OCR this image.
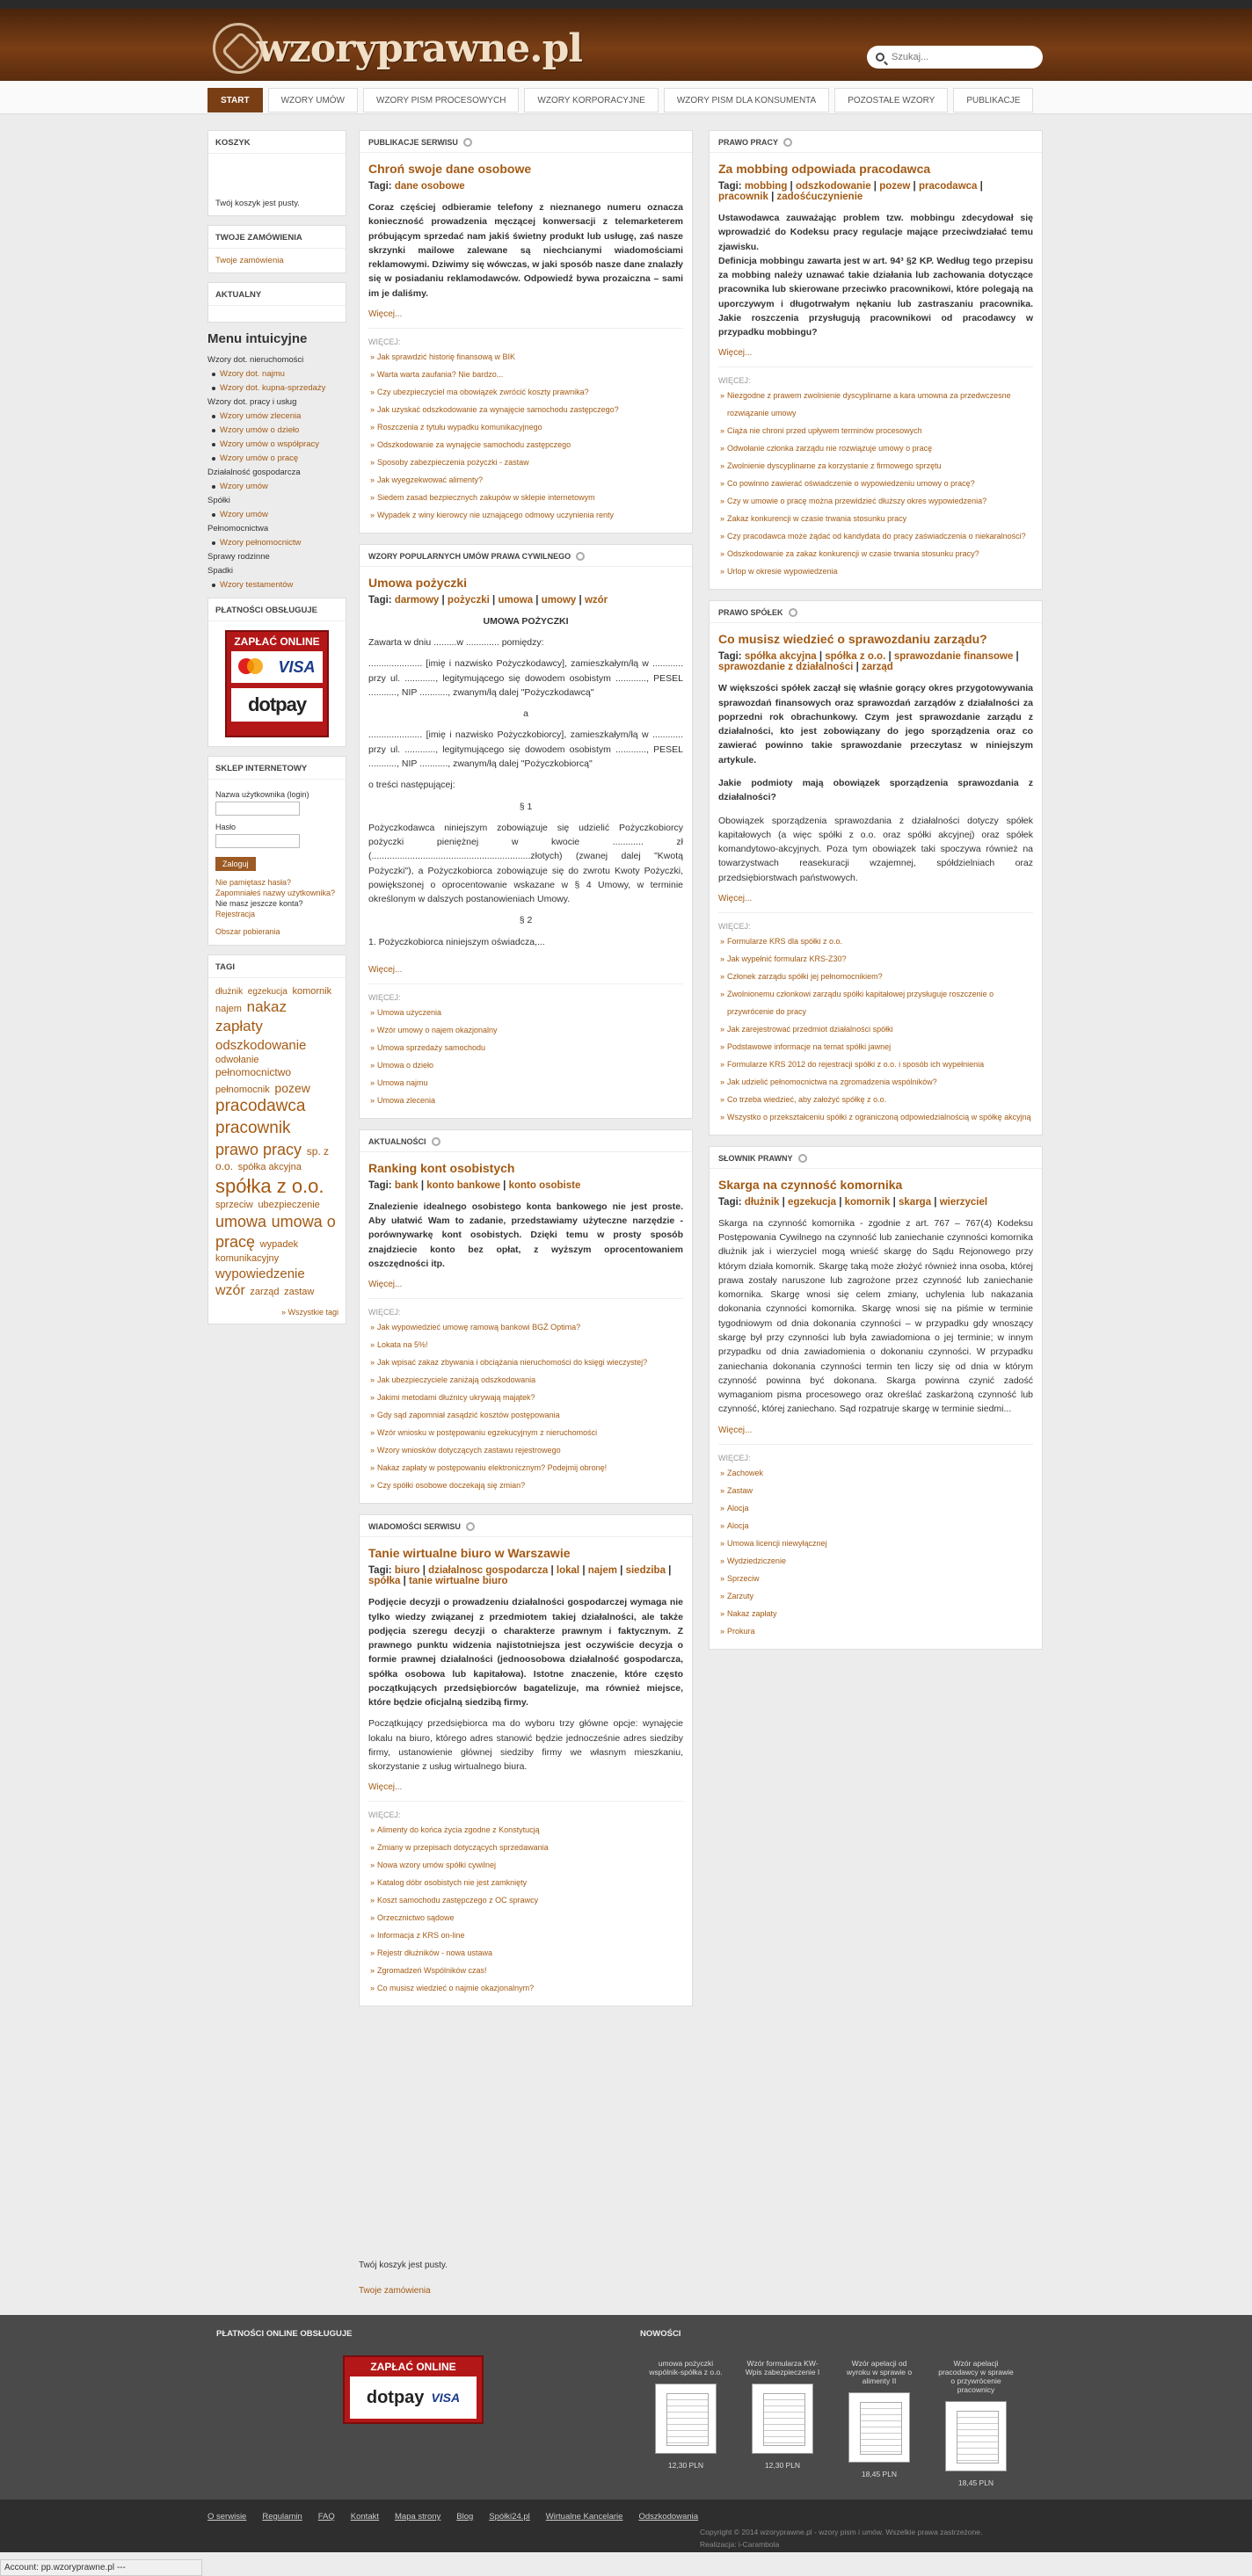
wzoryprawne.pl
Szukaj...
START	WZORY UMÓW	WZORY PISM PROCESOWYCH	WZORY KORPORACYJNE	WZORY PISM DLA KONSUMENTA	POZOSTAŁE WZORY	PUBLIKACJE
KOSZYK
Twój koszyk jest pusty.
TWOJE ZAMÓWIENIA
Twoje zamówienia
AKTUALNY
Menu intuicyjne
Wzory dot. nieruchomości
Wzory dot. najmu
Wzory dot. kupna-sprzedaży
Wzory dot. pracy i usług
Wzory umów zlecenia
Wzory umów o dzieło
Wzory umów o współpracy
Wzory umów o pracę
Działalność gospodarcza
Wzory umów
Spółki
Wzory umów
Pełnomocnictwa
Wzory pełnomocnictw
Sprawy rodzinne
Spadki
Wzory testamentów
PŁATNOŚCI OBSŁUGUJE
ZAPŁAĆ ONLINE
VISA
dotpay
SKLEP INTERNETOWY
Nazwa użytkownika (login)
Hasło
Zaloguj
Nie pamiętasz hasła?
Zapomniałeś nazwy użytkownika?
Nie masz jeszcze konta?
Rejestracja
Obszar pobierania
TAGI
dłużnik egzekucja komornik najem nakaz zapłaty odszkodowanie odwołanie pełnomocnictwo pełnomocnik pozew pracodawca pracownik prawo pracy sp. z o.o. spółka akcyjna spółka z o.o. sprzeciw ubezpieczenie umowa umowa o pracę wypadek komunikacyjny wypowiedzenie wzór zarząd zastaw
» Wszystkie tagi
PUBLIKACJE SERWISU
Chroń swoje dane osobowe
Tagi: dane osobowe
Coraz częściej odbieramie telefony z nieznanego numeru oznacza konieczność prowadzenia męczącej konwersacji z telemarketerem próbującym sprzedać nam jakiś świetny produkt lub usługę, zaś nasze skrzynki mailowe zalewane są niechcianymi wiadomościami reklamowymi. Dziwimy się wówczas, w jaki sposób nasze dane znalazły się w posiadaniu reklamodawców. Odpowiedź bywa prozaiczna – sami im je daliśmy.
Więcej...
WIĘCEJ:
» Jak sprawdzić historię finansową w BIK
» Warta warta zaufania? Nie bardzo...
» Czy ubezpieczyciel ma obowiązek zwrócić koszty prawnika?
» Jak uzyskać odszkodowanie za wynajęcie samochodu zastępczego?
» Roszczenia z tytułu wypadku komunikacyjnego
» Odszkodowanie za wynajęcie samochodu zastępczego
» Sposoby zabezpieczenia pożyczki - zastaw
» Jak wyegzekwować alimenty?
» Siedem zasad bezpiecznych zakupów w sklepie internetowym
» Wypadek z winy kierowcy nie uznającego odmowy uczynienia renty
WZORY POPULARNYCH UMÓW PRAWA CYWILNEGO
Umowa pożyczki
Tagi: darmowy | pożyczki | umowa | umowy | wzór
UMOWA POŻYCZKI
Zawarta w dniu .........w ............. pomiędzy:
..................... [imię i nazwisko Pożyczkodawcy], zamieszkałym/łą w ............ przy ul. ............, legitymującego się dowodem osobistym ............, PESEL ..........., NIP ..........., zwanym/łą dalej "Pożyczkodawcą"
a
..................... [imię i nazwisko Pożyczkobiorcy], zamieszkałym/łą w ............ przy ul. ............, legitymującego się dowodem osobistym ............, PESEL ..........., NIP ..........., zwanym/łą dalej "Pożyczkobiorcą"
o treści następującej:
§ 1
Pożyczkodawca niniejszym zobowiązuje się udzielić Pożyczkobiorcy pożyczki pieniężnej w kwocie ............ zł (..............................................................złotych) (zwanej dalej "Kwotą Pożyczki"), a Pożyczkobiorca zobowiązuje się do zwrotu Kwoty Pożyczki, powiększonej o oprocentowanie wskazane w § 4 Umowy, w terminie określonym w dalszych postanowieniach Umowy.
§ 2
1. Pożyczkobiorca niniejszym oświadcza,...
Więcej...
WIĘCEJ:
» Umowa użyczenia
» Wzór umowy o najem okazjonalny
» Umowa sprzedaży samochodu
» Umowa o dzieło
» Umowa najmu
» Umowa zlecenia
AKTUALNOŚCI
Ranking kont osobistych
Tagi: bank | konto bankowe | konto osobiste
Znalezienie idealnego osobistego konta bankowego nie jest proste. Aby ułatwić Wam to zadanie, przedstawiamy użyteczne narzędzie - porównywarkę kont osobistych. Dzięki temu w prosty sposób znajdziecie konto bez opłat, z wyższym oprocentowaniem oszczędności itp.
Więcej...
WIĘCEJ:
» Jak wypowiedzieć umowę ramową bankowi BGŻ Optima?
» Lokata na 5%!
» Jak wpisać zakaz zbywania i obciążania nieruchomości do księgi wieczystej?
» Jak ubezpieczyciele zaniżają odszkodowania
» Jakimi metodami dłużnicy ukrywają majątek?
» Gdy sąd zapomniał zasądzić kosztów postępowania
» Wzór wniosku w postępowaniu egzekucyjnym z nieruchomości
» Wzory wniosków dotyczących zastawu rejestrowego
» Nakaz zapłaty w postępowaniu elektronicznym? Podejmij obronę!
» Czy spółki osobowe doczekają się zmian?
WIADOMOŚCI SERWISU
Tanie wirtualne biuro w Warszawie
Tagi: biuro | działalnosc gospodarcza | lokal | najem | siedziba | spółka | tanie wirtualne biuro
Podjęcie decyzji o prowadzeniu działalności gospodarczej wymaga nie tylko wiedzy związanej z przedmiotem takiej działalności, ale także podjęcia szeregu decyzji o charakterze prawnym i faktycznym. Z prawnego punktu widzenia najistotniejsza jest oczywiście decyzja o formie prawnej działalności (jednoosobowa działalność gospodarcza, spółka osobowa lub kapitałowa). Istotne znaczenie, które często początkujących przedsiębiorców bagatelizuje, ma również miejsce, które będzie oficjalną siedzibą firmy.
Początkujący przedsiębiorca ma do wyboru trzy główne opcje: wynajęcie lokalu na biuro, którego adres stanowić będzie jednocześnie adres siedziby firmy, ustanowienie głównej siedziby firmy we własnym mieszkaniu, skorzystanie z usług wirtualnego biura.
Więcej...
WIĘCEJ:
» Alimenty do końca życia zgodne z Konstytucją
» Zmiany w przepisach dotyczących sprzedawania
» Nowa wzory umów spółki cywilnej
» Katalog dóbr osobistych nie jest zamknięty
» Koszt samochodu zastępczego z OC sprawcy
» Orzecznictwo sądowe
» Informacja z KRS on-line
» Rejestr dłużników - nowa ustawa
» Zgromadzeń Wspólników czas!
» Co musisz wiedzieć o najmie okazjonalnym?
PRAWO PRACY
Za mobbing odpowiada pracodawca
Tagi: mobbing | odszkodowanie | pozew | pracodawca | pracownik | zadośćuczynienie
Ustawodawca zauważając problem tzw. mobbingu zdecydował się wprowadzić do Kodeksu pracy regulacje mające przeciwdziałać temu zjawisku.
Definicja mobbingu zawarta jest w art. 94³ §2 KP. Według tego przepisu za mobbing należy uznawać takie działania lub zachowania dotyczące pracownika lub skierowane przeciwko pracownikowi, które polegają na uporczywym i długotrwałym nękaniu lub zastraszaniu pracownika. Jakie roszczenia przysługują pracownikowi od pracodawcy w przypadku mobbingu?
Więcej...
WIĘCEJ:
» Niezgodne z prawem zwolnienie dyscyplinarne a kara umowna za przedwczesne rozwiązanie umowy
» Ciąża nie chroni przed upływem terminów procesowych
» Odwołanie członka zarządu nie rozwiązuje umowy o pracę
» Zwolnienie dyscyplinarne za korzystanie z firmowego sprzętu
» Co powinno zawierać oświadczenie o wypowiedzeniu umowy o pracę?
» Czy w umowie o pracę można przewidzieć dłuższy okres wypowiedzenia?
» Zakaz konkurencji w czasie trwania stosunku pracy
» Czy pracodawca może żądać od kandydata do pracy zaświadczenia o niekaralności?
» Odszkodowanie za zakaz konkurencji w czasie trwania stosunku pracy?
» Urlop w okresie wypowiedzenia
PRAWO SPÓŁEK
Co musisz wiedzieć o sprawozdaniu zarządu?
Tagi: spółka akcyjna | spółka z o.o. | sprawozdanie finansowe | sprawozdanie z działalności | zarząd
W większości spółek zaczął się właśnie gorący okres przygotowywania sprawozdań finansowych oraz sprawozdań zarządów z działalności za poprzedni rok obrachunkowy. Czym jest sprawozdanie zarządu z działalności, kto jest zobowiązany do jego sporządzenia oraz co zawierać powinno takie sprawozdanie przeczytasz w niniejszym artykule.
Jakie podmioty mają obowiązek sporządzenia sprawozdania z działalności?
Obowiązek sporządzenia sprawozdania z działalności dotyczy spółek kapitałowych (a więc spółki z o.o. oraz spółki akcyjnej) oraz spółek komandytowo-akcyjnych. Poza tym obowiązek taki spoczywa również na towarzystwach reasekuracji wzajemnej, spółdzielniach oraz przedsiębiorstwach państwowych.
Więcej...
WIĘCEJ:
» Formularze KRS dla spółki z o.o.
» Jak wypełnić formularz KRS-Z30?
» Członek zarządu spółki jej pełnomocnikiem?
» Zwolnionemu członkowi zarządu spółki kapitałowej przysługuje roszczenie o przywrócenie do pracy
» Jak zarejestrować przedmiot działalności spółki
» Podstawowe informacje na temat spółki jawnej
» Formularze KRS 2012 do rejestracji spółki z o.o. i sposób ich wypełnienia
» Jak udzielić pełnomocnictwa na zgromadzenia wspólników?
» Co trzeba wiedzieć, aby założyć spółkę z o.o.
» Wszystko o przekształceniu spółki z ograniczoną odpowiedzialnością w spółkę akcyjną
SŁOWNIK PRAWNY
Skarga na czynność komornika
Tagi: dłużnik | egzekucja | komornik | skarga | wierzyciel
Skarga na czynność komornika - zgodnie z art. 767 – 767(4) Kodeksu Postępowania Cywilnego na czynność lub zaniechanie czynności komornika dłużnik jak i wierzyciel mogą wnieść skargę do Sądu Rejonowego przy którym działa komornik. Skargę taką może złożyć również inna osoba, której prawa zostały naruszone lub zagrożone przez czynność lub zaniechanie komornika. Skargę wnosi się celem zmiany, uchylenia lub nakazania dokonania czynności komornika. Skargę wnosi się na piśmie w terminie tygodniowym od dnia dokonania czynności – w przypadku gdy wnoszący skargę był przy czynności lub była zawiadomiona o jej terminie; w innym przypadku od dnia zawiadomienia o dokonaniu czynności. W przypadku zaniechania dokonania czynności termin ten liczy się od dnia w którym czynność powinna być dokonana. Skarga powinna czynić zadość wymaganiom pisma procesowego oraz określać zaskarżoną czynność lub czynność, której zaniechano. Sąd rozpatruje skargę w terminie siedmi...
Więcej...
WIĘCEJ:
» Zachowek
» Zastaw
» Alocja
» Alocja
» Umowa licencji niewyłącznej
» Wydziedziczenie
» Sprzeciw
» Zarzuty
» Nakaz zapłaty
» Prokura
Twój koszyk jest pusty.
Twoje zamówienia
PŁATNOŚCI ONLINE OBSŁUGUJE
ZAPŁAĆ ONLINE
dotpay VISA
NOWOŚCI
umowa pożyczki wspólnik-spółka z o.o.
12,30 PLN
Wzór formularza KW-Wpis zabezpieczenie I
12,30 PLN
Wzór apelacji od wyroku w sprawie o alimenty II
18,45 PLN
Wzór apelacji pracodawcy w sprawie o przywrócenie pracownicy
18,45 PLN
O serwisie Regulamin FAQ Kontakt Mapa strony Blog Spółki24.pl Wirtualne Kancelarie Odszkodowania
Copyright © 2014 wzoryprawne.pl - wzory pism i umów. Wszelkie prawa zastrzeżone.
Realizacja: i-Carambola
Account: pp.wzoryprawne.pl ---
